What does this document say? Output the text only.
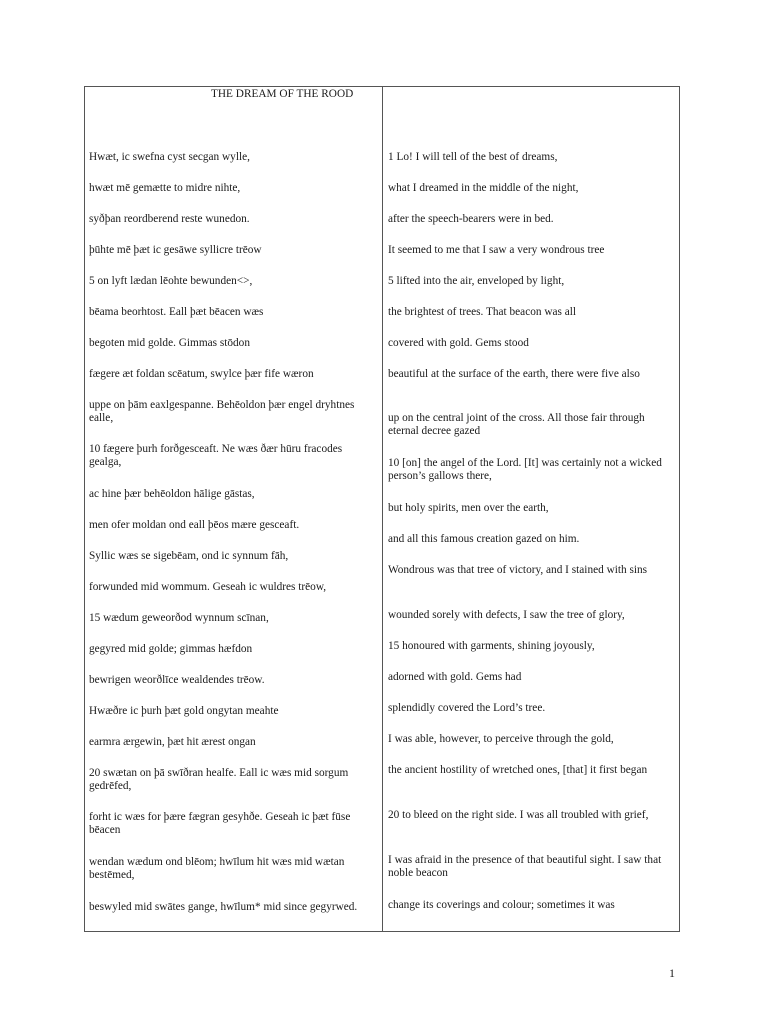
THE DREAM OF THE ROOD
Hwæt, ic swefna cyst secgan wylle,
hwæt mē gemætte to midre nihte,
syðþan reordberend reste wunedon.
þūhte mē þæt ic gesāwe syllicre trēow
5 on lyft lædan lēohte bewunden<>,
bēama beorhtost. Eall þæt bēacen wæs
begoten mid golde. Gimmas stōdon
fægere æt foldan scēatum, swylce þær fife wæron
uppe on þām eaxlgespanne. Behēoldon þær engel dryhtnes ealle,
10 fægere þurh forðgesceaft. Ne wæs ðær hūru fracodes gealga,
ac hine þær behēoldon hālige gāstas,
men ofer moldan ond eall þēos mære gesceaft.
Syllic wæs se sigebēam, ond ic synnum fāh,
forwunded mid wommum. Geseah ic wuldres trēow,
15 wædum geweorðod wynnum scīnan,
gegyred mid golde; gimmas hæfdon
bewrigen weorðlīce wealdendes trēow.
Hwæðre ic þurh þæt gold ongytan meahte
earmra ærgewin, þæt hit ærest ongan
20 swætan on þā swīðran healfe. Eall ic wæs mid sorgum gedrēfed,
forht ic wæs for þære fægran gesyhðe. Geseah ic þæt fūse bēacen
wendan wædum ond blēom; hwīlum hit wæs mid wætan bestēmed,
beswyled mid swātes gange, hwīlum* mid since gegyrwed.
1 Lo! I will tell of the best of dreams,
what I dreamed in the middle of the night,
after the speech-bearers were in bed.
It seemed to me that I saw a very wondrous tree
5 lifted into the air, enveloped by light,
the brightest of trees. That beacon was all
covered with gold. Gems stood
beautiful at the surface of the earth, there were five also
up on the central joint of the cross. All those fair through eternal decree gazed
10 [on] the angel of the Lord. [It] was certainly not a wicked person’s gallows there,
but holy spirits, men over the earth,
and all this famous creation gazed on him.
Wondrous was that tree of victory, and I stained with sins
wounded sorely with defects, I saw the tree of glory,
15 honoured with garments, shining joyously,
adorned with gold. Gems had
splendidly covered the Lord’s tree.
I was able, however, to perceive through the gold,
the ancient hostility of wretched ones, [that] it first began
20 to bleed on the right side. I was all troubled with grief,
I was afraid in the presence of that beautiful sight. I saw that noble beacon
change its coverings and colour; sometimes it was
1
